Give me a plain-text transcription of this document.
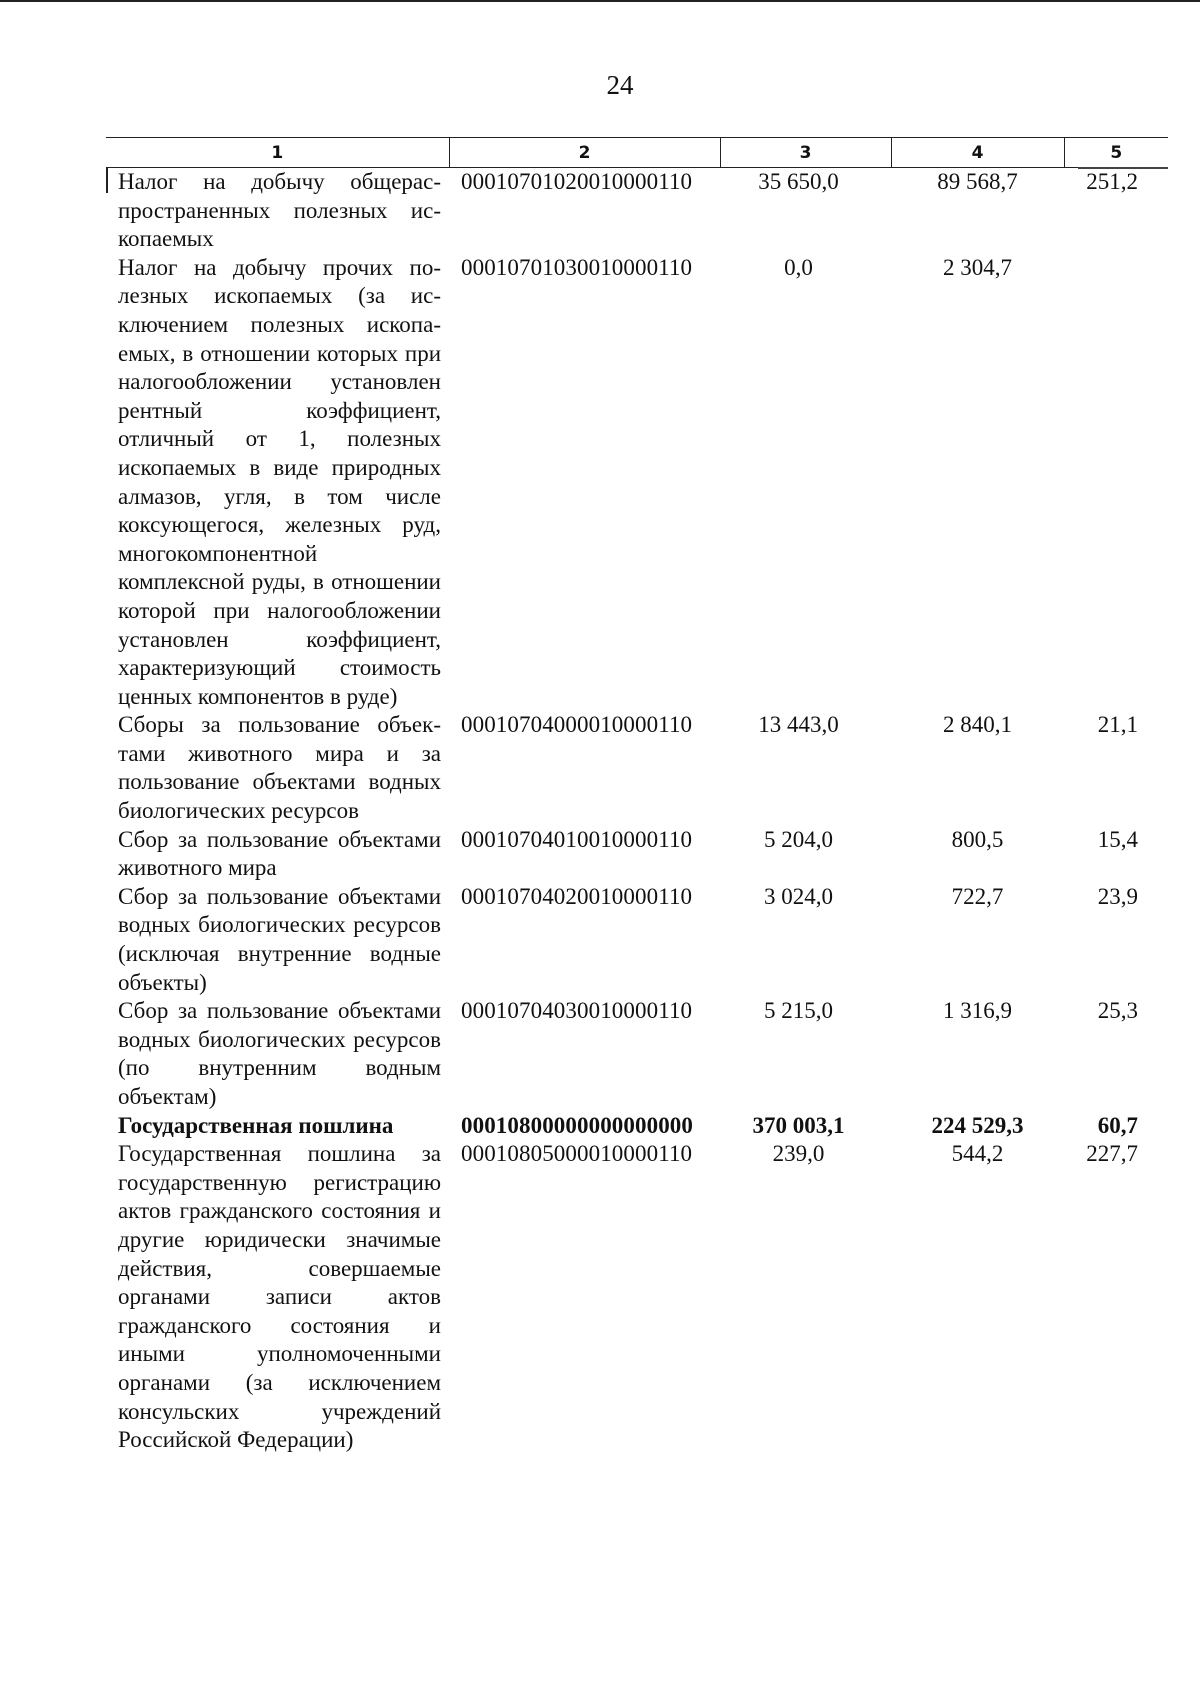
24
1	2	3	4	5
Налог на добычу общераспространенных полезных ископаемых	00010701020010000110	35 650,0	89 568,7	251,2
Налог на добычу прочих полезных ископаемых (за исключением полезных ископаемых, в отношении которых при налогообложении установлен рентный коэффициент, отличный от 1, полезных ископаемых в виде природных алмазов, угля, в том числе коксующегося, железных руд, многокомпонентной комплексной руды, в отношении которой при налогообложении установлен коэффициент, характеризующий стоимость ценных компонентов в руде)	00010701030010000110	0,0	2 304,7	
Сборы за пользование объектами животного мира и за пользование объектами водных биологических ресурсов	00010704000010000110	13 443,0	2 840,1	21,1
Сбор за пользование объектами животного мира	00010704010010000110	5 204,0	800,5	15,4
Сбор за пользование объектами водных биологических ресурсов (исключая внутренние водные объекты)	00010704020010000110	3 024,0	722,7	23,9
Сбор за пользование объектами водных биологических ресурсов (по внутренним водным объектам)	00010704030010000110	5 215,0	1 316,9	25,3
Государственная пошлина	00010800000000000000	370 003,1	224 529,3	60,7
Государственная пошлина за государственную регистрацию актов гражданского состояния и другие юридически значимые действия, совершаемые органами записи актов гражданского состояния и иными уполномоченными органами (за исключением консульских учреждений Российской Федерации)	00010805000010000110	239,0	544,2	227,7
